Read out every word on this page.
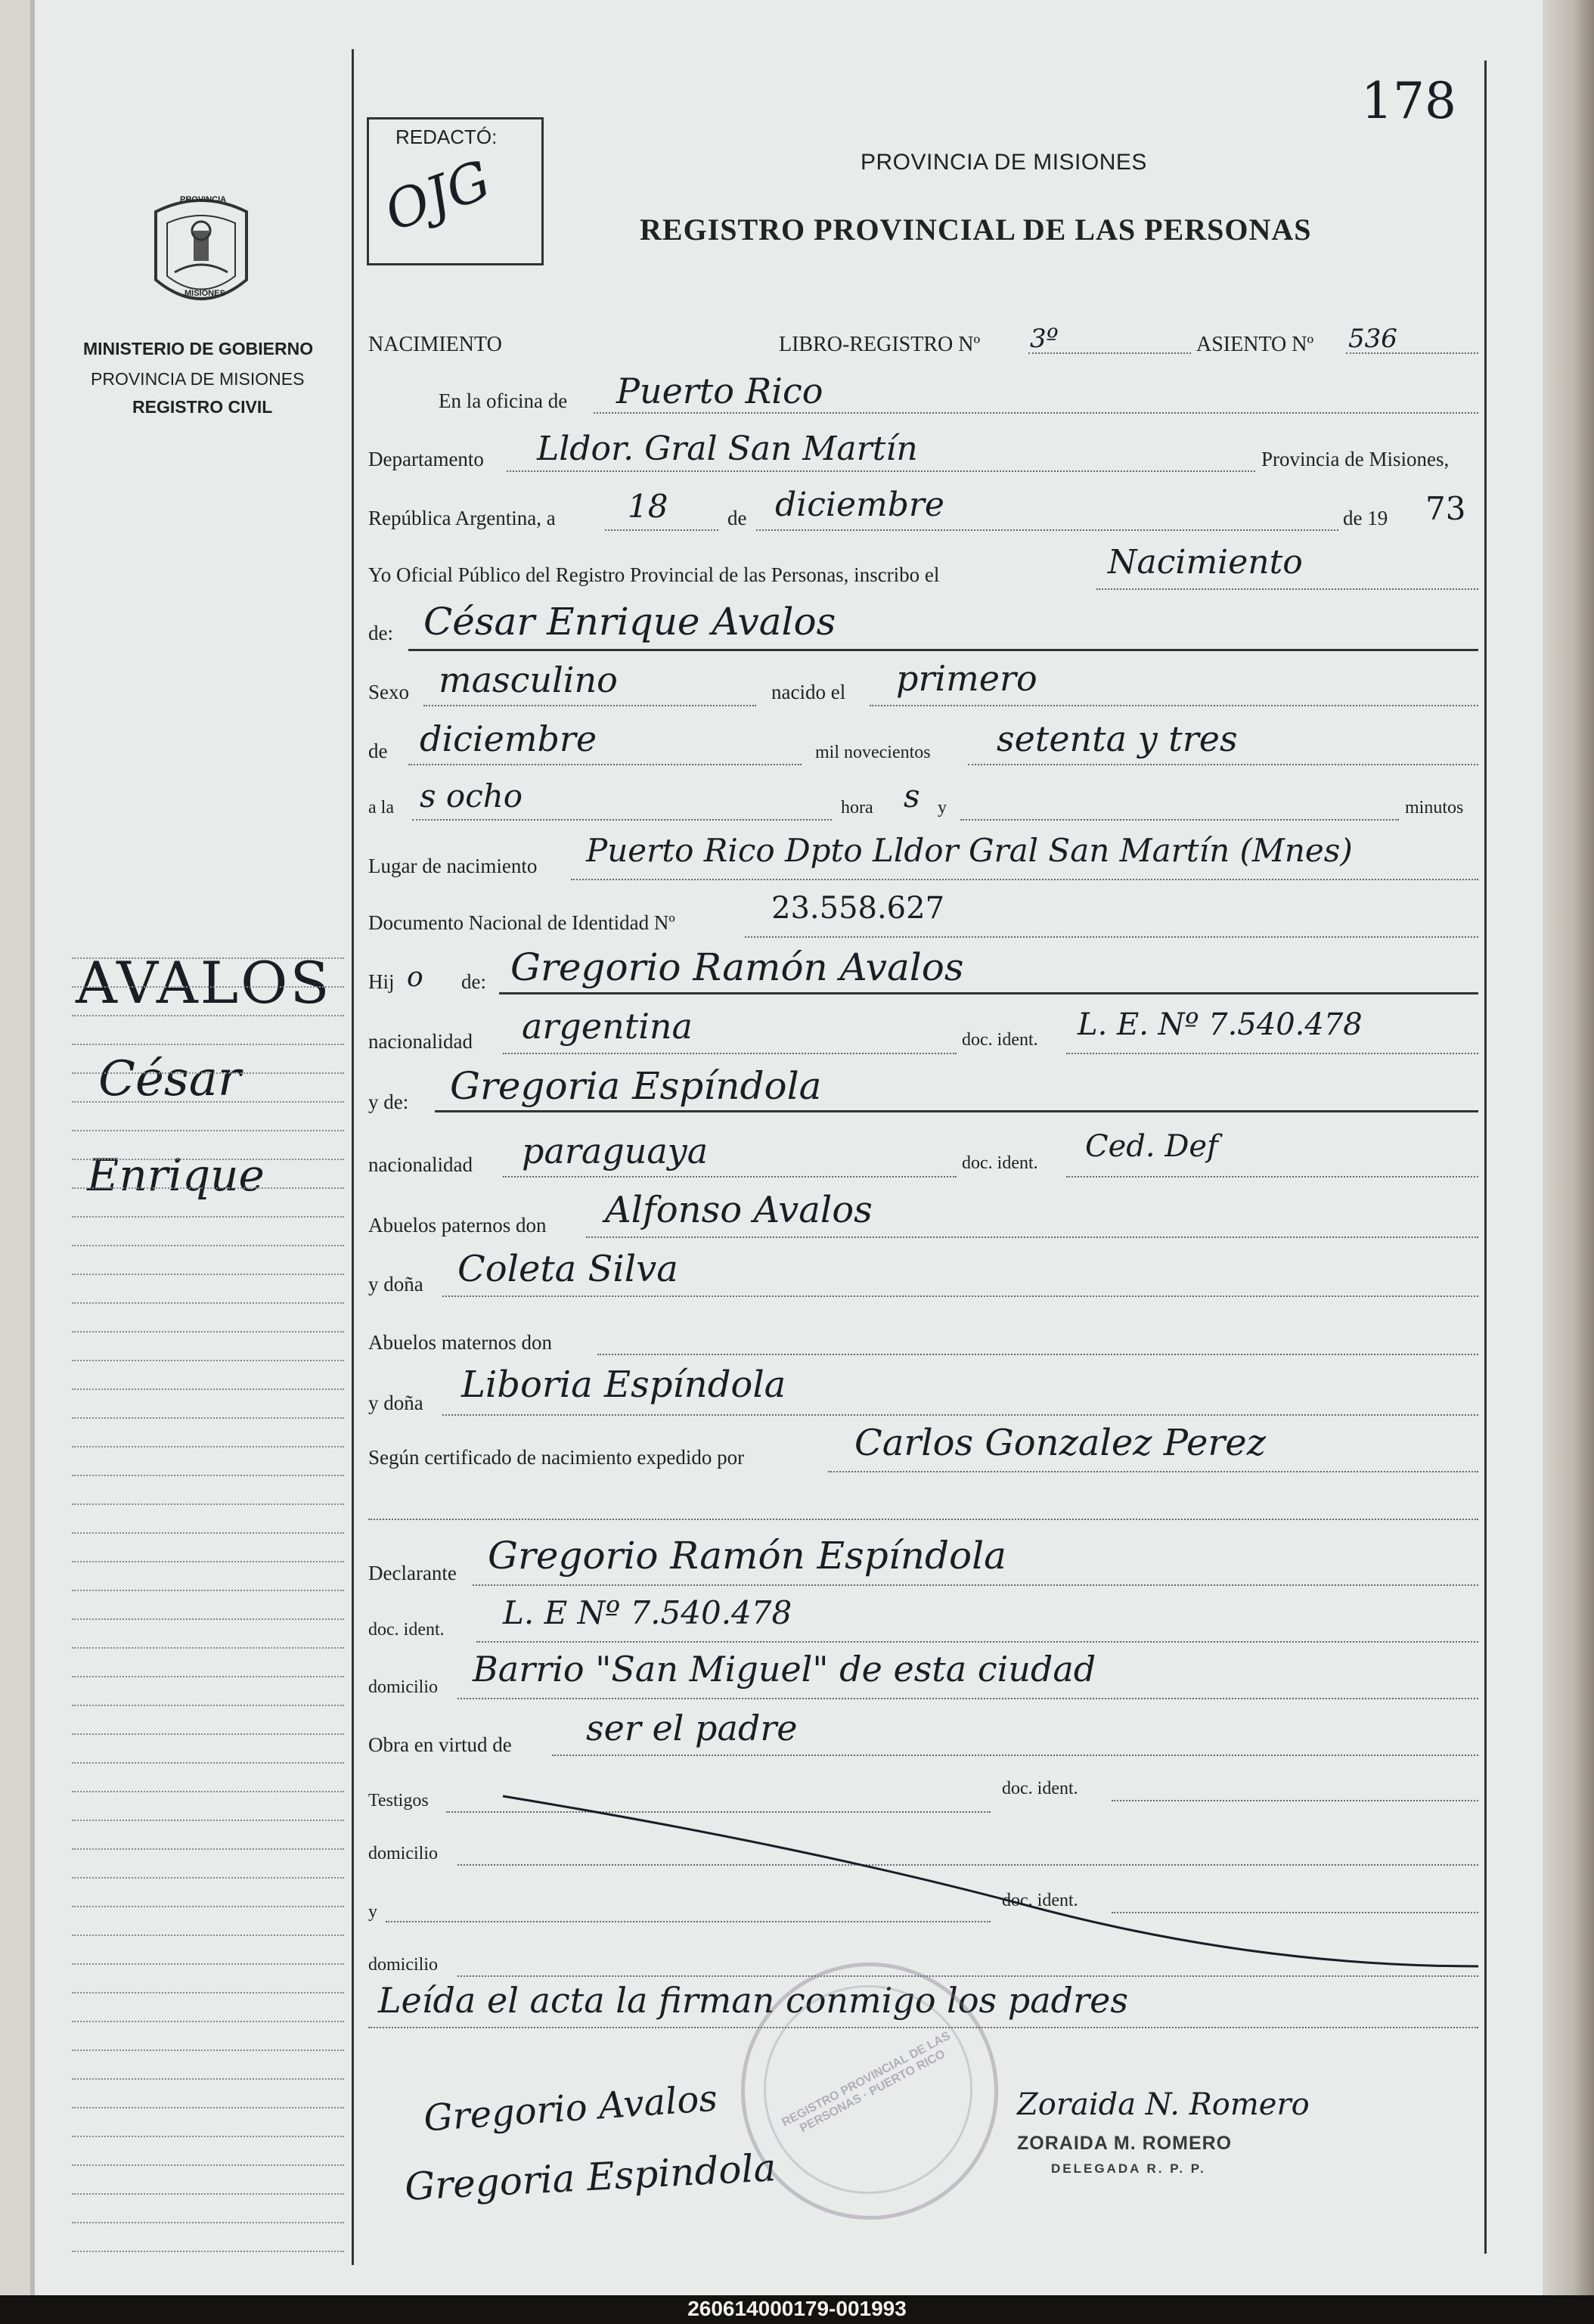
178
REDACTÓ:
OJG	PROVINCIA DE MISIONES
REGISTRO PROVINCIAL DE LAS PERSONAS
PROVINCIA
MISIONES
MINISTERIO DE GOBIERNO
PROVINCIA DE MISIONES
REGISTRO CIVIL
AVALOS
César
Enrique
NACIMIENTO	LIBRO-REGISTRO Nº 3º	ASIENTO Nº 536
En la oficina de Puerto Rico
Departamento Lldor. Gral San Martín	Provincia de Misiones,
República Argentina, a 18	de diciembre	de 19 73
Yo Oficial Público del Registro Provincial de las Personas, inscribo el	Nacimiento
de: César Enrique Avalos
Sexo masculino	nacido el primero
de diciembre	mil novecientos setenta y tres
a la s ocho	hora s y	minutos
Lugar de nacimiento Puerto Rico Dpto Lldor Gral San Martín (Mnes)
Documento Nacional de Identidad Nº	23.558.627
Hij o de: Gregorio Ramón Avalos
nacionalidad argentina	doc. ident. L. E. Nº 7.540.478
y de: Gregoria Espíndola
nacionalidad paraguaya	doc. ident. Ced. Def
Abuelos paternos don Alfonso Avalos
y doña Coleta Silva
Abuelos maternos don
y doña Liboria Espíndola
Según certificado de nacimiento expedido por	Carlos Gonzalez Perez
Declarante Gregorio Ramón Espíndola
doc. ident. L. E Nº 7.540.478
domicilio Barrio "San Miguel" de esta ciudad
Obra en virtud de ser el padre
Testigos
doc. ident.
domicilio
y
doc. ident.
domicilio
Leída el acta la firman conmigo los padres
REGISTRO PROVINCIAL DE LAS PERSONAS · PUERTO RICO
Gregorio Avalos
Gregoria Espindola
Zoraida N. Romero
ZORAIDA M. ROMERO
DELEGADA R. P. P.
260614000179-001993
